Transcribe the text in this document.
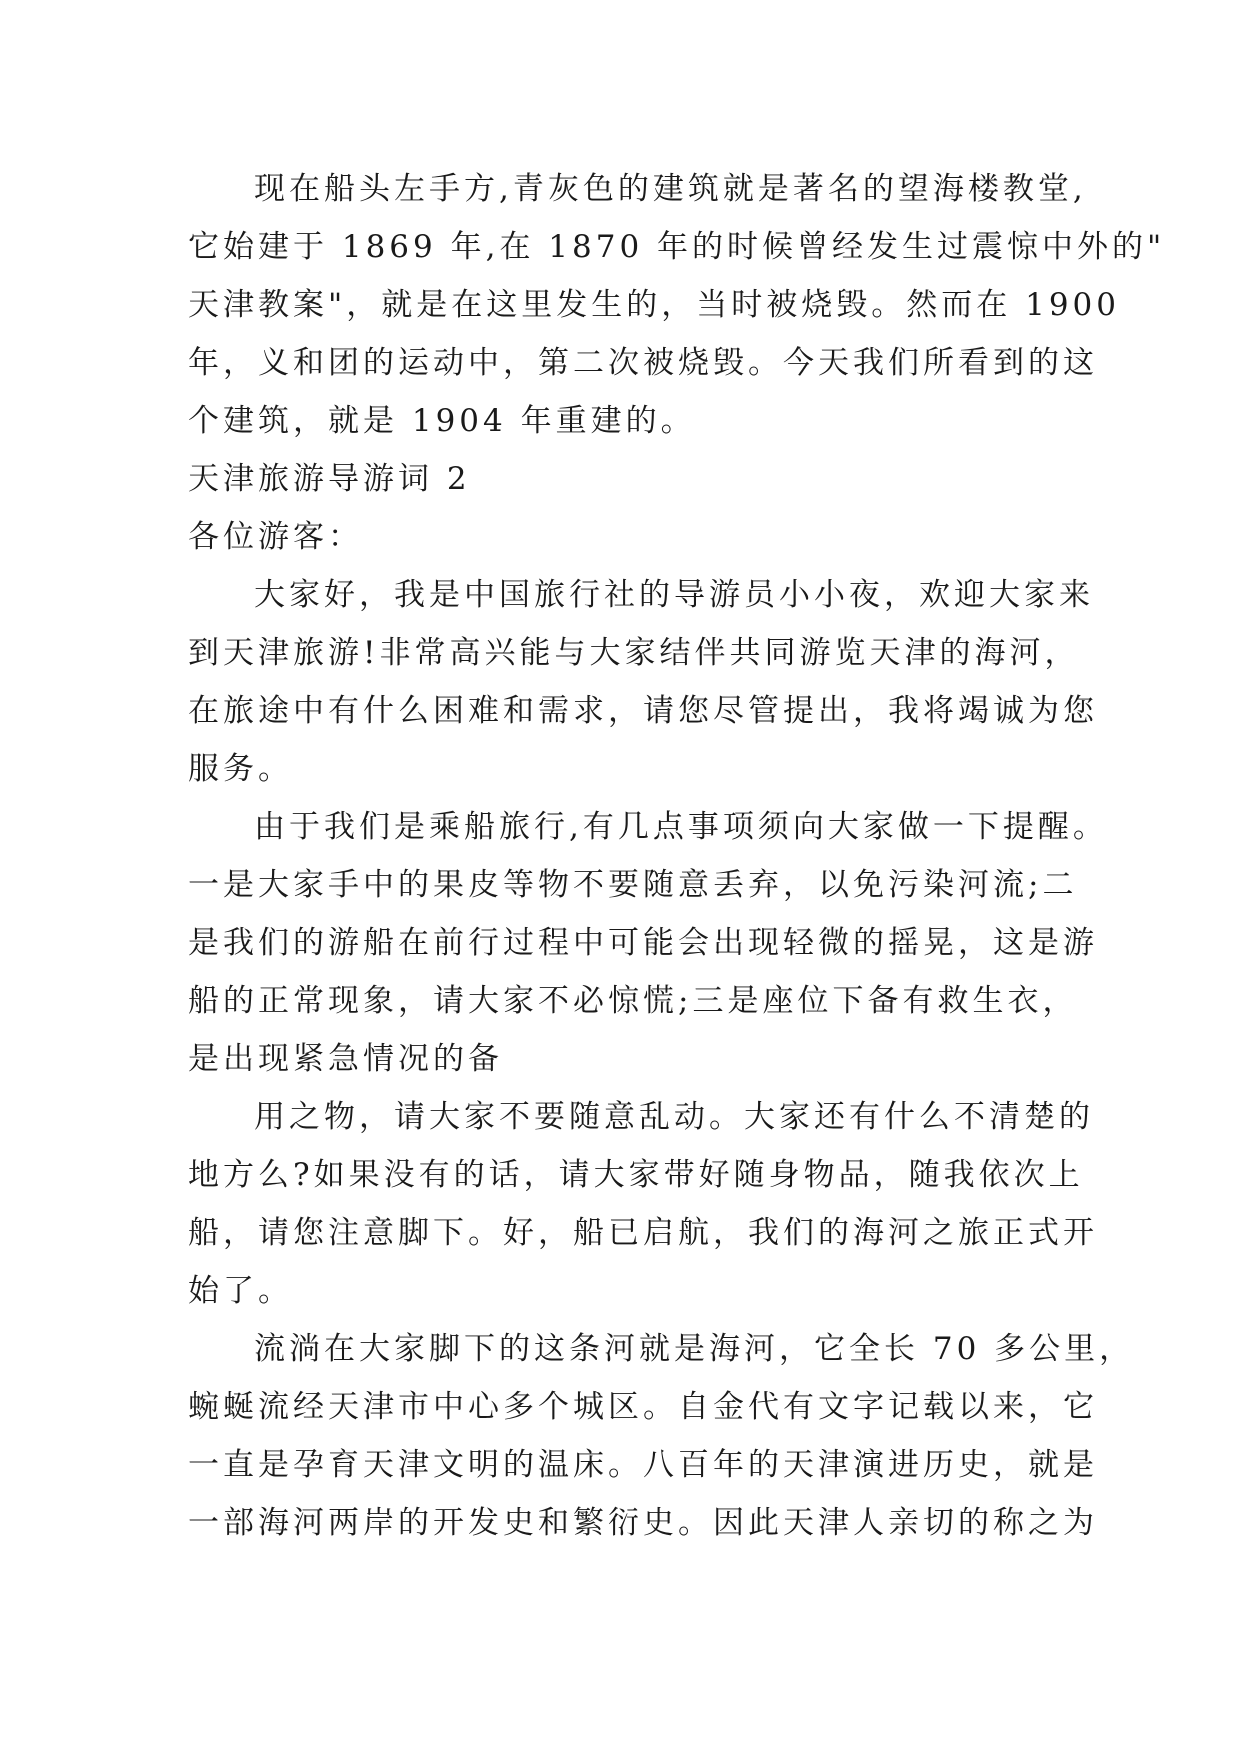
现在船头左手方,青灰色的建筑就是著名的望海楼教堂,
它始建于 1869 年,在 1870 年的时候曾经发生过震惊中外的"
天津教案"，就是在这里发生的，当时被烧毁。然而在 1900
年，义和团的运动中，第二次被烧毁。今天我们所看到的这
个建筑，就是 1904 年重建的。
天津旅游导游词 2
各位游客：
大家好，我是中国旅行社的导游员小小夜，欢迎大家来
到天津旅游!非常高兴能与大家结伴共同游览天津的海河，
在旅途中有什么困难和需求，请您尽管提出，我将竭诚为您
服务。
由于我们是乘船旅行,有几点事项须向大家做一下提醒。
一是大家手中的果皮等物不要随意丢弃，以免污染河流;二
是我们的游船在前行过程中可能会出现轻微的摇晃，这是游
船的正常现象，请大家不必惊慌;三是座位下备有救生衣，
是出现紧急情况的备
用之物，请大家不要随意乱动。大家还有什么不清楚的
地方么?如果没有的话，请大家带好随身物品，随我依次上
船，请您注意脚下。好，船已启航，我们的海河之旅正式开
始了。
流淌在大家脚下的这条河就是海河，它全长 70 多公里，
蜿蜒流经天津市中心多个城区。自金代有文字记载以来，它
一直是孕育天津文明的温床。八百年的天津演进历史，就是
一部海河两岸的开发史和繁衍史。因此天津人亲切的称之为
